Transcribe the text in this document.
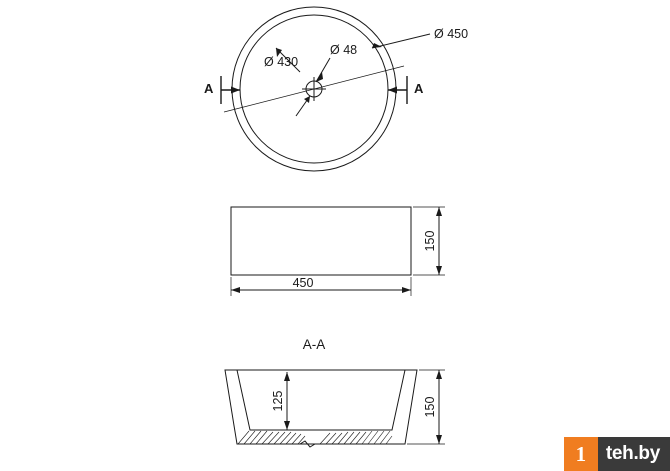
Ø 450
Ø 430
Ø 48
A	A
450
150
A-A
125	150
1	teh.by
